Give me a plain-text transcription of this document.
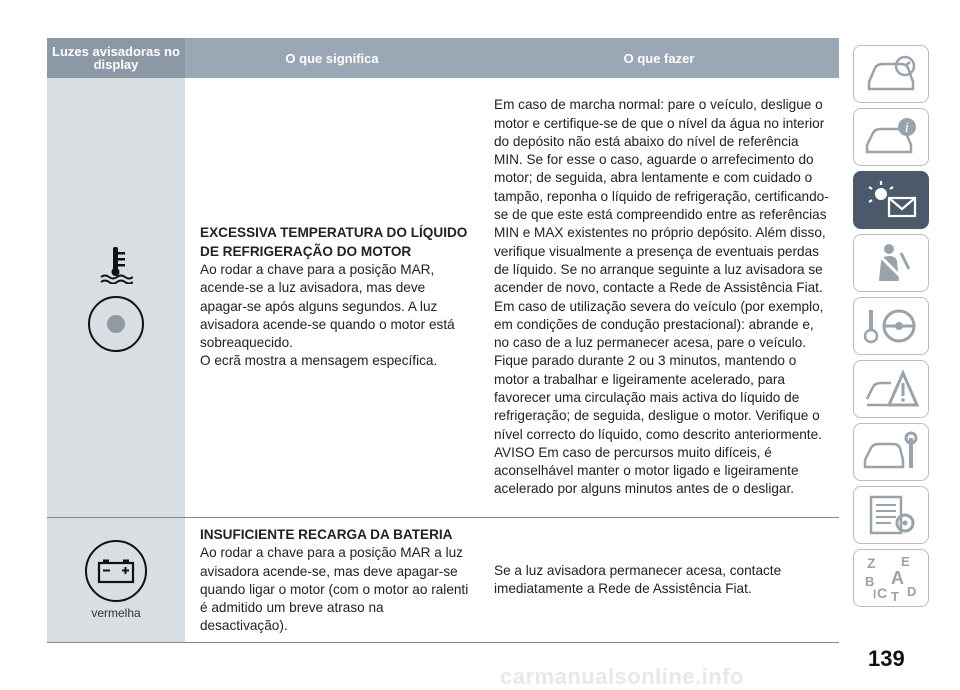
Luzes avisadoras no display	O que significa	O que fazer
EXCESSIVA TEMPERATURA DO LÍQUIDO DE REFRIGERAÇÃO DO MOTOR
Ao rodar a chave para a posição MAR, acende-se a luz avisadora, mas deve apagar-se após alguns segundos. A luz avisadora acende-se quando o motor está sobreaquecido.
O ecrã mostra a mensagem específica.
Em caso de marcha normal: pare o veículo, desligue o motor e certifique-se de que o nível da água no interior do depósito não está abaixo do nível de referência MIN. Se for esse o caso, aguarde o arrefecimento do motor; de seguida, abra lentamente e com cuidado o tampão, reponha o líquido de refrigeração, certificando-se de que este está compreendido entre as referências MIN e MAX existentes no próprio depósito. Além disso, verifique visualmente a presença de eventuais perdas de líquido. Se no arranque seguinte a luz avisadora se acender de novo, contacte a Rede de Assistência Fiat. Em caso de utilização severa do veículo (por exemplo, em condições de condução prestacional): abrande e, no caso de a luz permanecer acesa, pare o veículo. Fique parado durante 2 ou 3 minutos, mantendo o motor a trabalhar e ligeiramente acelerado, para favorecer uma circulação mais activa do líquido de refrigeração; de seguida, desligue o motor. Verifique o nível correcto do líquido, como descrito anteriormente. AVISO Em caso de percursos muito difíceis, é aconselhável manter o motor ligado e ligeiramente acelerado por alguns minutos antes de o desligar.
vermelha
INSUFICIENTE RECARGA DA BATERIA
Ao rodar a chave para a posição MAR a luz avisadora acende-se, mas deve apagar-se quando ligar o motor (com o motor ao ralenti é admitido um breve atraso na desactivação).
Se a luz avisadora permanecer acesa, contacte imediatamente a Rede de Assistência Fiat.
i
Z E
B A
C D
T
I
139
carmanualsonline.info
